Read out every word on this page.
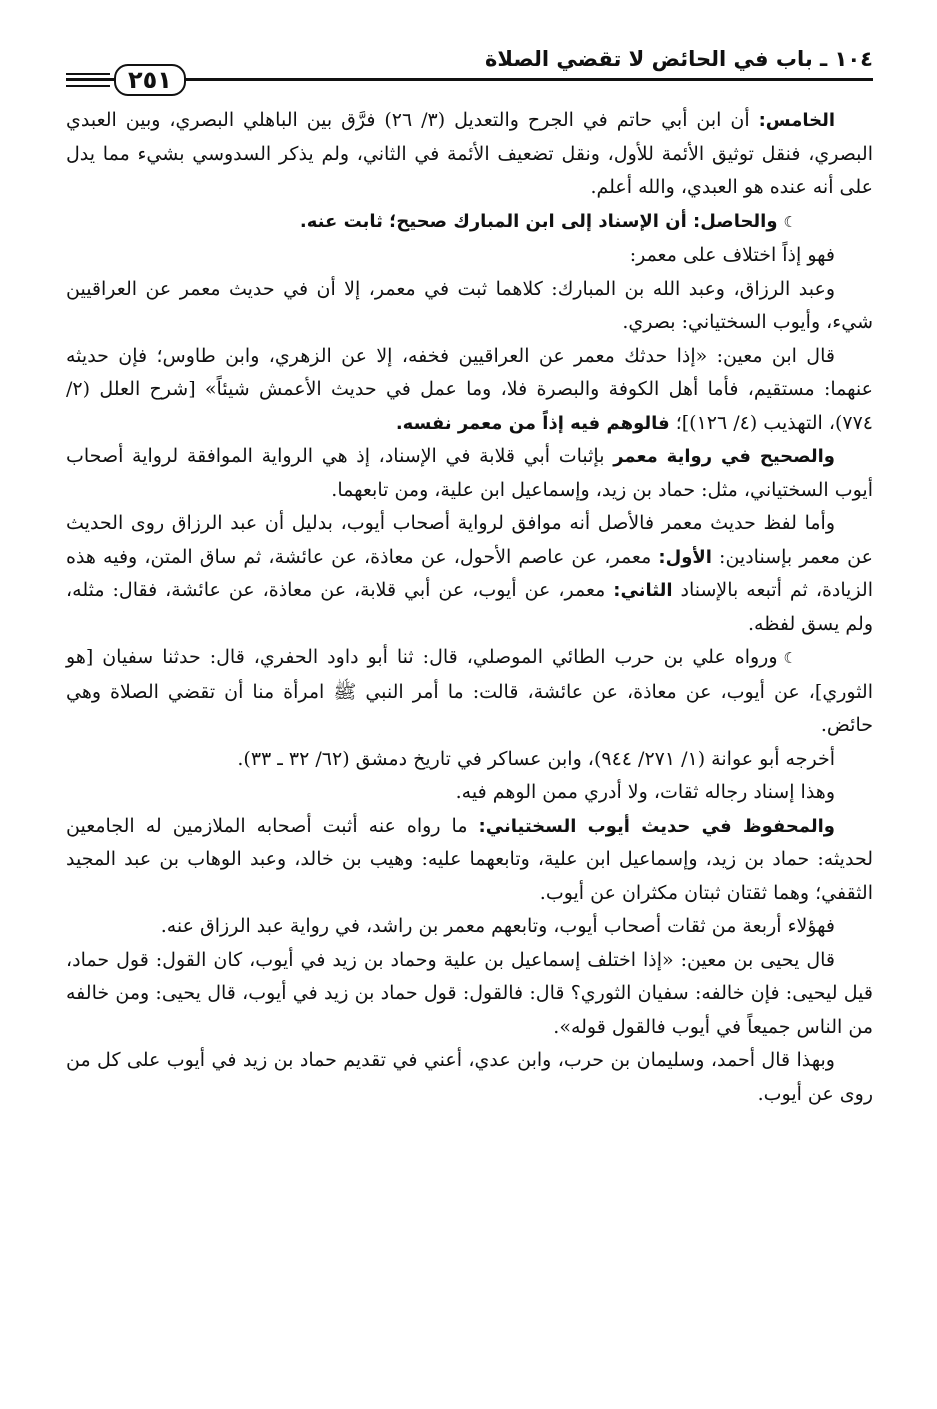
١٠٤ ـ باب في الحائض لا تقضي الصلاة
٢٥١

الخامس: أن ابن أبي حاتم في الجرح والتعديل (٣/ ٢٦) فرَّق بين الباهلي البصري، وبين العبدي البصري، فنقل توثيق الأئمة للأول، ونقل تضعيف الأئمة في الثاني، ولم يذكر السدوسي بشيء مما يدل على أنه عنده هو العبدي، والله أعلم.

☾والحاصل: أن الإسناد إلى ابن المبارك صحيح؛ ثابت عنه.

فهو إذاً اختلاف على معمر:

وعبد الرزاق، وعبد الله بن المبارك: كلاهما ثبت في معمر، إلا أن في حديث معمر عن العراقيين شيء، وأيوب السختياني: بصري.

قال ابن معين: «إذا حدثك معمر عن العراقيين فخفه، إلا عن الزهري، وابن طاوس؛ فإن حديثه عنهما: مستقيم، فأما أهل الكوفة والبصرة فلا، وما عمل في حديث الأعمش شيئاً» [شرح العلل (٢/ ٧٧٤)، التهذيب (٤/ ١٢٦)]؛ فالوهم فيه إذاً من معمر نفسه.

والصحيح في رواية معمر بإثبات أبي قلابة في الإسناد، إذ هي الرواية الموافقة لرواية أصحاب أيوب السختياني، مثل: حماد بن زيد، وإسماعيل ابن علية، ومن تابعهما.

وأما لفظ حديث معمر فالأصل أنه موافق لرواية أصحاب أيوب، بدليل أن عبد الرزاق روى الحديث عن معمر بإسنادين: الأول: معمر، عن عاصم الأحول، عن معاذة، عن عائشة، ثم ساق المتن، وفيه هذه الزيادة، ثم أتبعه بالإسناد الثاني: معمر، عن أيوب، عن أبي قلابة، عن معاذة، عن عائشة، فقال: مثله، ولم يسق لفظه.

☾ورواه علي بن حرب الطائي الموصلي، قال: ثنا أبو داود الحفري، قال: حدثنا سفيان [هو الثوري]، عن أيوب، عن معاذة، عن عائشة، قالت: ما أمر النبي ﷺ امرأة منا أن تقضي الصلاة وهي حائض.

أخرجه أبو عوانة (١/ ٢٧١/ ٩٤٤)، وابن عساكر في تاريخ دمشق (٦٢/ ٣٢ ـ ٣٣).

وهذا إسناد رجاله ثقات، ولا أدري ممن الوهم فيه.

والمحفوظ في حديث أيوب السختياني: ما رواه عنه أثبت أصحابه الملازمين له الجامعين لحديثه: حماد بن زيد، وإسماعيل ابن علية، وتابعهما عليه: وهيب بن خالد، وعبد الوهاب بن عبد المجيد الثقفي؛ وهما ثقتان ثبتان مكثران عن أيوب.

فهؤلاء أربعة من ثقات أصحاب أيوب، وتابعهم معمر بن راشد، في رواية عبد الرزاق عنه.

قال يحيى بن معين: «إذا اختلف إسماعيل بن علية وحماد بن زيد في أيوب، كان القول: قول حماد، قيل ليحيى: فإن خالفه: سفيان الثوري؟ قال: فالقول: قول حماد بن زيد في أيوب، قال يحيى: ومن خالفه من الناس جميعاً في أيوب فالقول قوله».

وبهذا قال أحمد، وسليمان بن حرب، وابن عدي، أعني في تقديم حماد بن زيد في أيوب على كل من روى عن أيوب.
